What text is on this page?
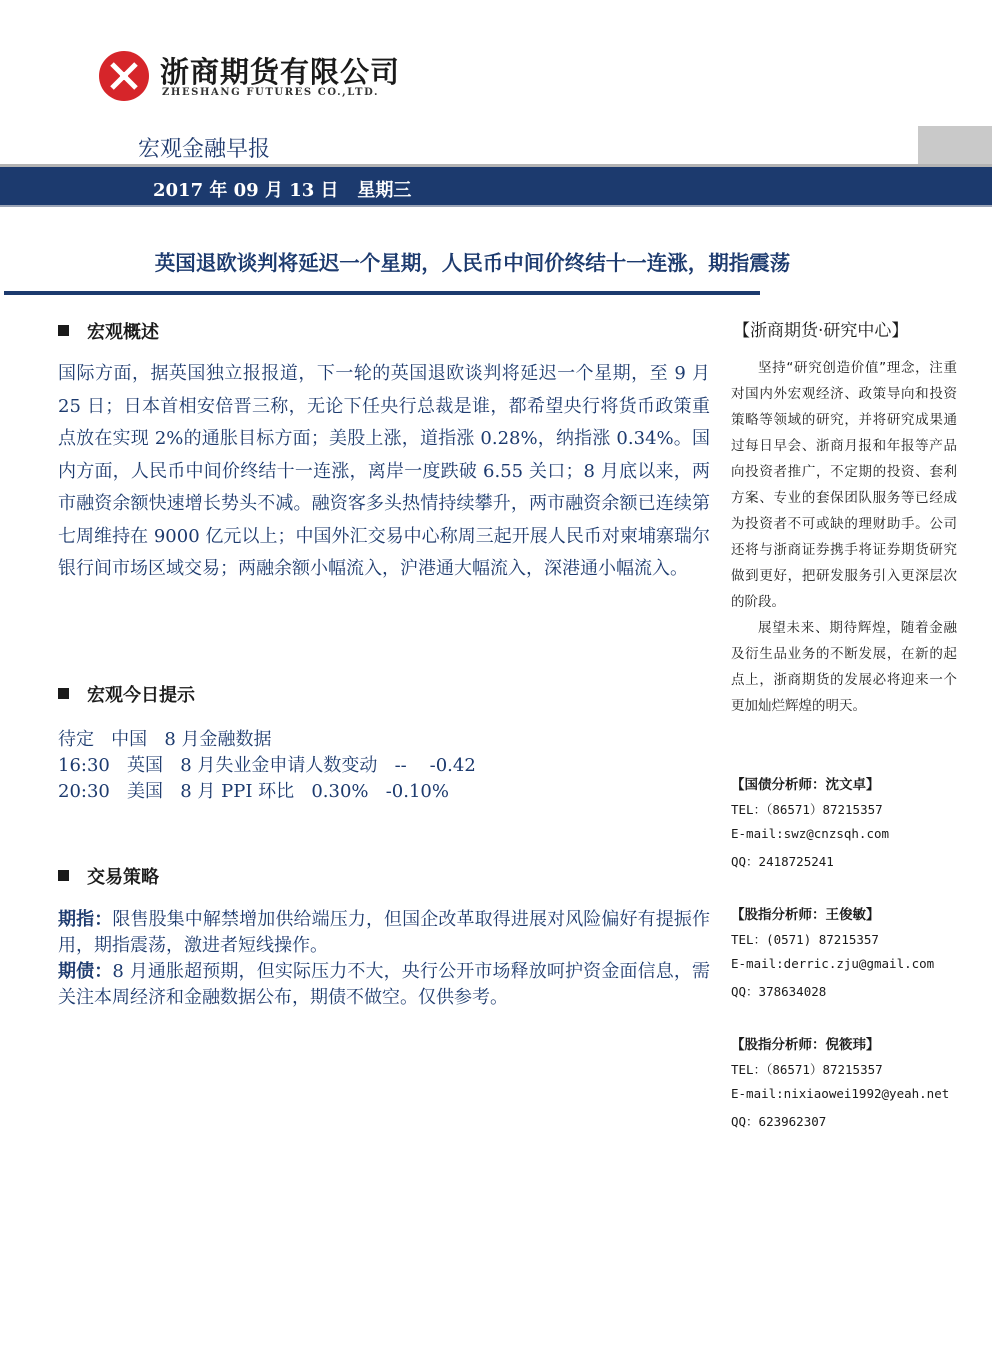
浙商期货有限公司
ZHESHANG FUTURES CO.,LTD.
宏观金融早报
2017 年 09 月 13 日 星期三
英国退欧谈判将延迟一个星期，人民币中间价终结十一连涨，期指震荡
宏观概述
国际方面，据英国独立报报道，下一轮的英国退欧谈判将延迟一个星期，至 9 月 25 日；日本首相安倍晋三称，无论下任央行总裁是谁，都希望央行将货币政策重点放在实现 2%的通胀目标方面；美股上涨，道指涨 0.28%，纳指涨 0.34%。国内方面，人民币中间价终结十一连涨，离岸一度跌破 6.55 关口；8 月底以来，两市融资余额快速增长势头不减。融资客多头热情持续攀升，两市融资余额已连续第七周维持在 9000 亿元以上；中国外汇交易中心称周三起开展人民币对柬埔寨瑞尔银行间市场区域交易；两融余额小幅流入，沪港通大幅流入，深港通小幅流入。
宏观今日提示
待定 中国 8 月金融数据
16:30 英国 8 月失业金申请人数变动 -- -0.42
20:30 美国 8 月 PPI 环比 0.30% -0.10%
交易策略
期指：限售股集中解禁增加供给端压力，但国企改革取得进展对风险偏好有提振作用，期指震荡，激进者短线操作。
期债：8 月通胀超预期，但实际压力不大，央行公开市场释放呵护资金面信息，需关注本周经济和金融数据公布，期债不做空。仅供参考。
【浙商期货·研究中心】

坚持“研究创造价值”理念，注重对国内外宏观经济、政策导向和投资策略等领域的研究，并将研究成果通过每日早会、浙商月报和年报等产品向投资者推广，不定期的投资、套利方案、专业的套保团队服务等已经成为投资者不可或缺的理财助手。公司还将与浙商证券携手将证券期货研究做到更好，把研发服务引入更深层次的阶段。

展望未来、期待辉煌，随着金融及衍生品业务的不断发展，在新的起点上，浙商期货的发展必将迎来一个更加灿烂辉煌的明天。

【国债分析师：沈文卓】
TEL：（86571）87215357
E-mail:swz@cnzsqh.com
QQ：2418725241
【股指分析师：王俊敏】
TEL：(0571) 87215357
E-mail:derric.zju@gmail.com
QQ：378634028
【股指分析师：倪筱玮】
TEL：（86571）87215357
E-mail:nixiaowei1992@yeah.net
QQ：623962307
